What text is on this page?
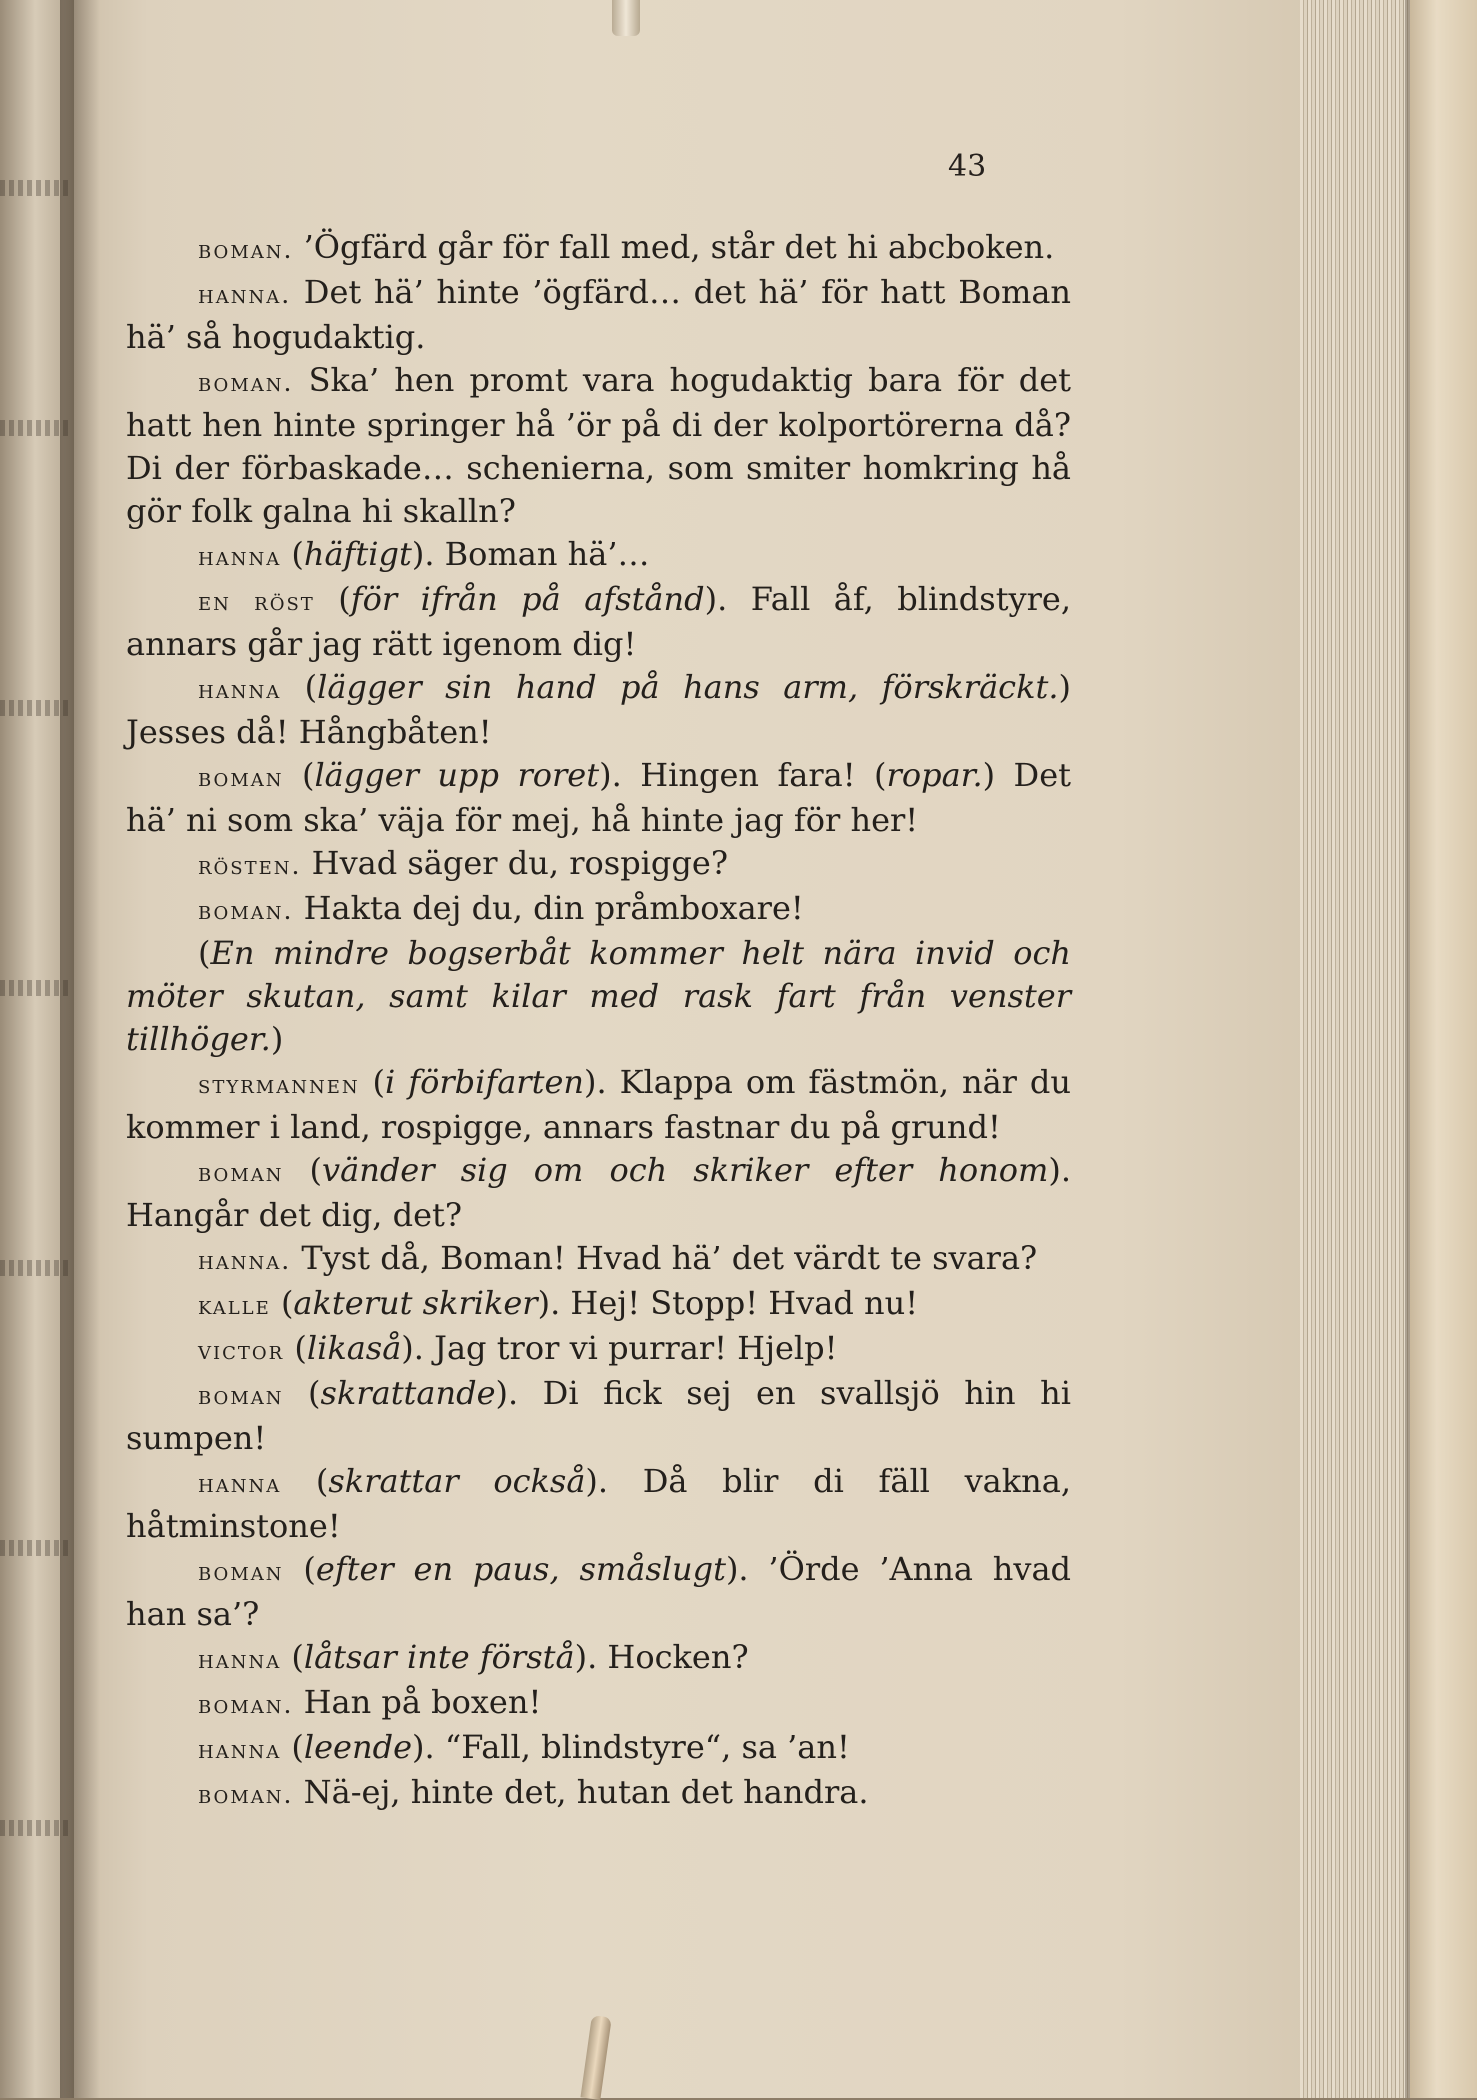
43

boman. ’Ögfärd går för fall med, står det hi abcboken.

hanna. Det hä’ hinte ’ögfärd… det hä’ för hatt Boman hä’ så hogudaktig.

boman. Ska’ hen promt vara hogudaktig bara för det hatt hen hinte springer hå ’ör på di der kolportörerna då? Di der förbaskade… schenierna, som smiter homkring hå gör folk galna hi skalln?

hanna (häftigt). Boman hä’…

en röst (för ifrån på afstånd). Fall åf, blindstyre, annars går jag rätt igenom dig!

hanna (lägger sin hand på hans arm, förskräckt.) Jesses då! Hångbåten!

boman (lägger upp roret). Hingen fara! (ropar.) Det hä’ ni som ska’ väja för mej, hå hinte jag för her!

rösten. Hvad säger du, rospigge?

boman. Hakta dej du, din pråmboxare!

(En mindre bogserbåt kommer helt nära invid och möter skutan, samt kilar med rask fart från venster tillhöger.)

styrmannen (i förbifarten). Klappa om fästmön, när du kommer i land, rospigge, annars fastnar du på grund!

boman (vänder sig om och skriker efter honom). Hangår det dig, det?

hanna. Tyst då, Boman! Hvad hä’ det värdt te svara?

kalle (akterut skriker). Hej! Stopp! Hvad nu!

victor (likaså). Jag tror vi purrar! Hjelp!

boman (skrattande). Di fick sej en svallsjö hin hi sumpen!

hanna (skrattar också). Då blir di fäll vakna, håtminstone!

boman (efter en paus, småslugt). ’Örde ’Anna hvad han sa’?

hanna (låtsar inte förstå). Hocken?

boman. Han på boxen!

hanna (leende). “Fall, blindstyre“, sa ’an!

boman. Nä-ej, hinte det, hutan det handra.
